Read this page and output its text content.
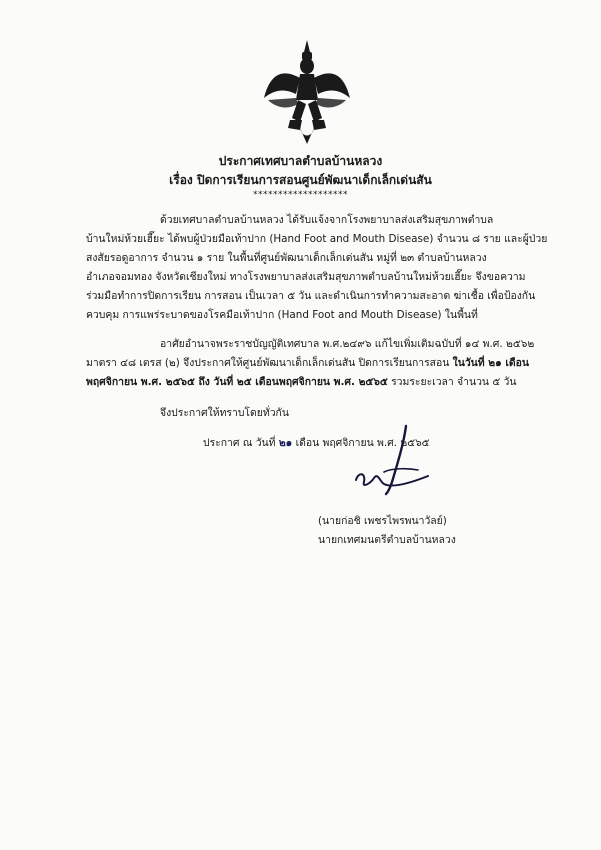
ประกาศเทศบาลตำบลบ้านหลวง
เรื่อง ปิดการเรียนการสอนศูนย์พัฒนาเด็กเล็กเด่นสัน
*******************
ด้วยเทศบาลตำบลบ้านหลวง ได้รับแจ้งจากโรงพยาบาลส่งเสริมสุขภาพตำบล
บ้านใหม่ห้วยเฮี๊ยะ ได้พบผู้ป่วยมือเท้าปาก (Hand Foot and Mouth Disease) จำนวน ๘ ราย และผู้ป่วย
สงสัยรอดูอาการ จำนวน ๑ ราย ในพื้นที่ศูนย์พัฒนาเด็กเล็กเด่นสัน หมู่ที่ ๒๓ ตำบลบ้านหลวง
อำเภอจอมทอง จังหวัดเชียงใหม่ ทางโรงพยาบาลส่งเสริมสุขภาพตำบลบ้านใหม่ห้วยเฮี๊ยะ จึงขอความ
ร่วมมือทำการปิดการเรียน การสอน เป็นเวลา ๕ วัน และดำเนินการทำความสะอาด ฆ่าเชื้อ เพื่อป้องกัน
ควบคุม การแพร่ระบาดของโรคมือเท้าปาก (Hand Foot and Mouth Disease) ในพื้นที่
อาศัยอำนาจพระราชบัญญัติเทศบาล พ.ศ.๒๔๙๖ แก้ไขเพิ่มเติมฉบับที่ ๑๔ พ.ศ. ๒๕๖๒
มาตรา ๔๘ เตรส (๒) จึงประกาศให้ศูนย์พัฒนาเด็กเล็กเด่นสัน ปิดการเรียนการสอน ในวันที่ ๒๑ เดือน
พฤศจิกายน พ.ศ. ๒๕๖๕ ถึง วันที่ ๒๕ เดือนพฤศจิกายน พ.ศ. ๒๕๖๕ รวมระยะเวลา จำนวน ๕ วัน
จึงประกาศให้ทราบโดยทั่วกัน
ประกาศ ณ วันที่ ๒๑ เดือน พฤศจิกายน พ.ศ. ๒๕๖๕
(นายก่อชิ เพชรไพรพนาวัลย์)
นายกเทศมนตรีตำบลบ้านหลวง
